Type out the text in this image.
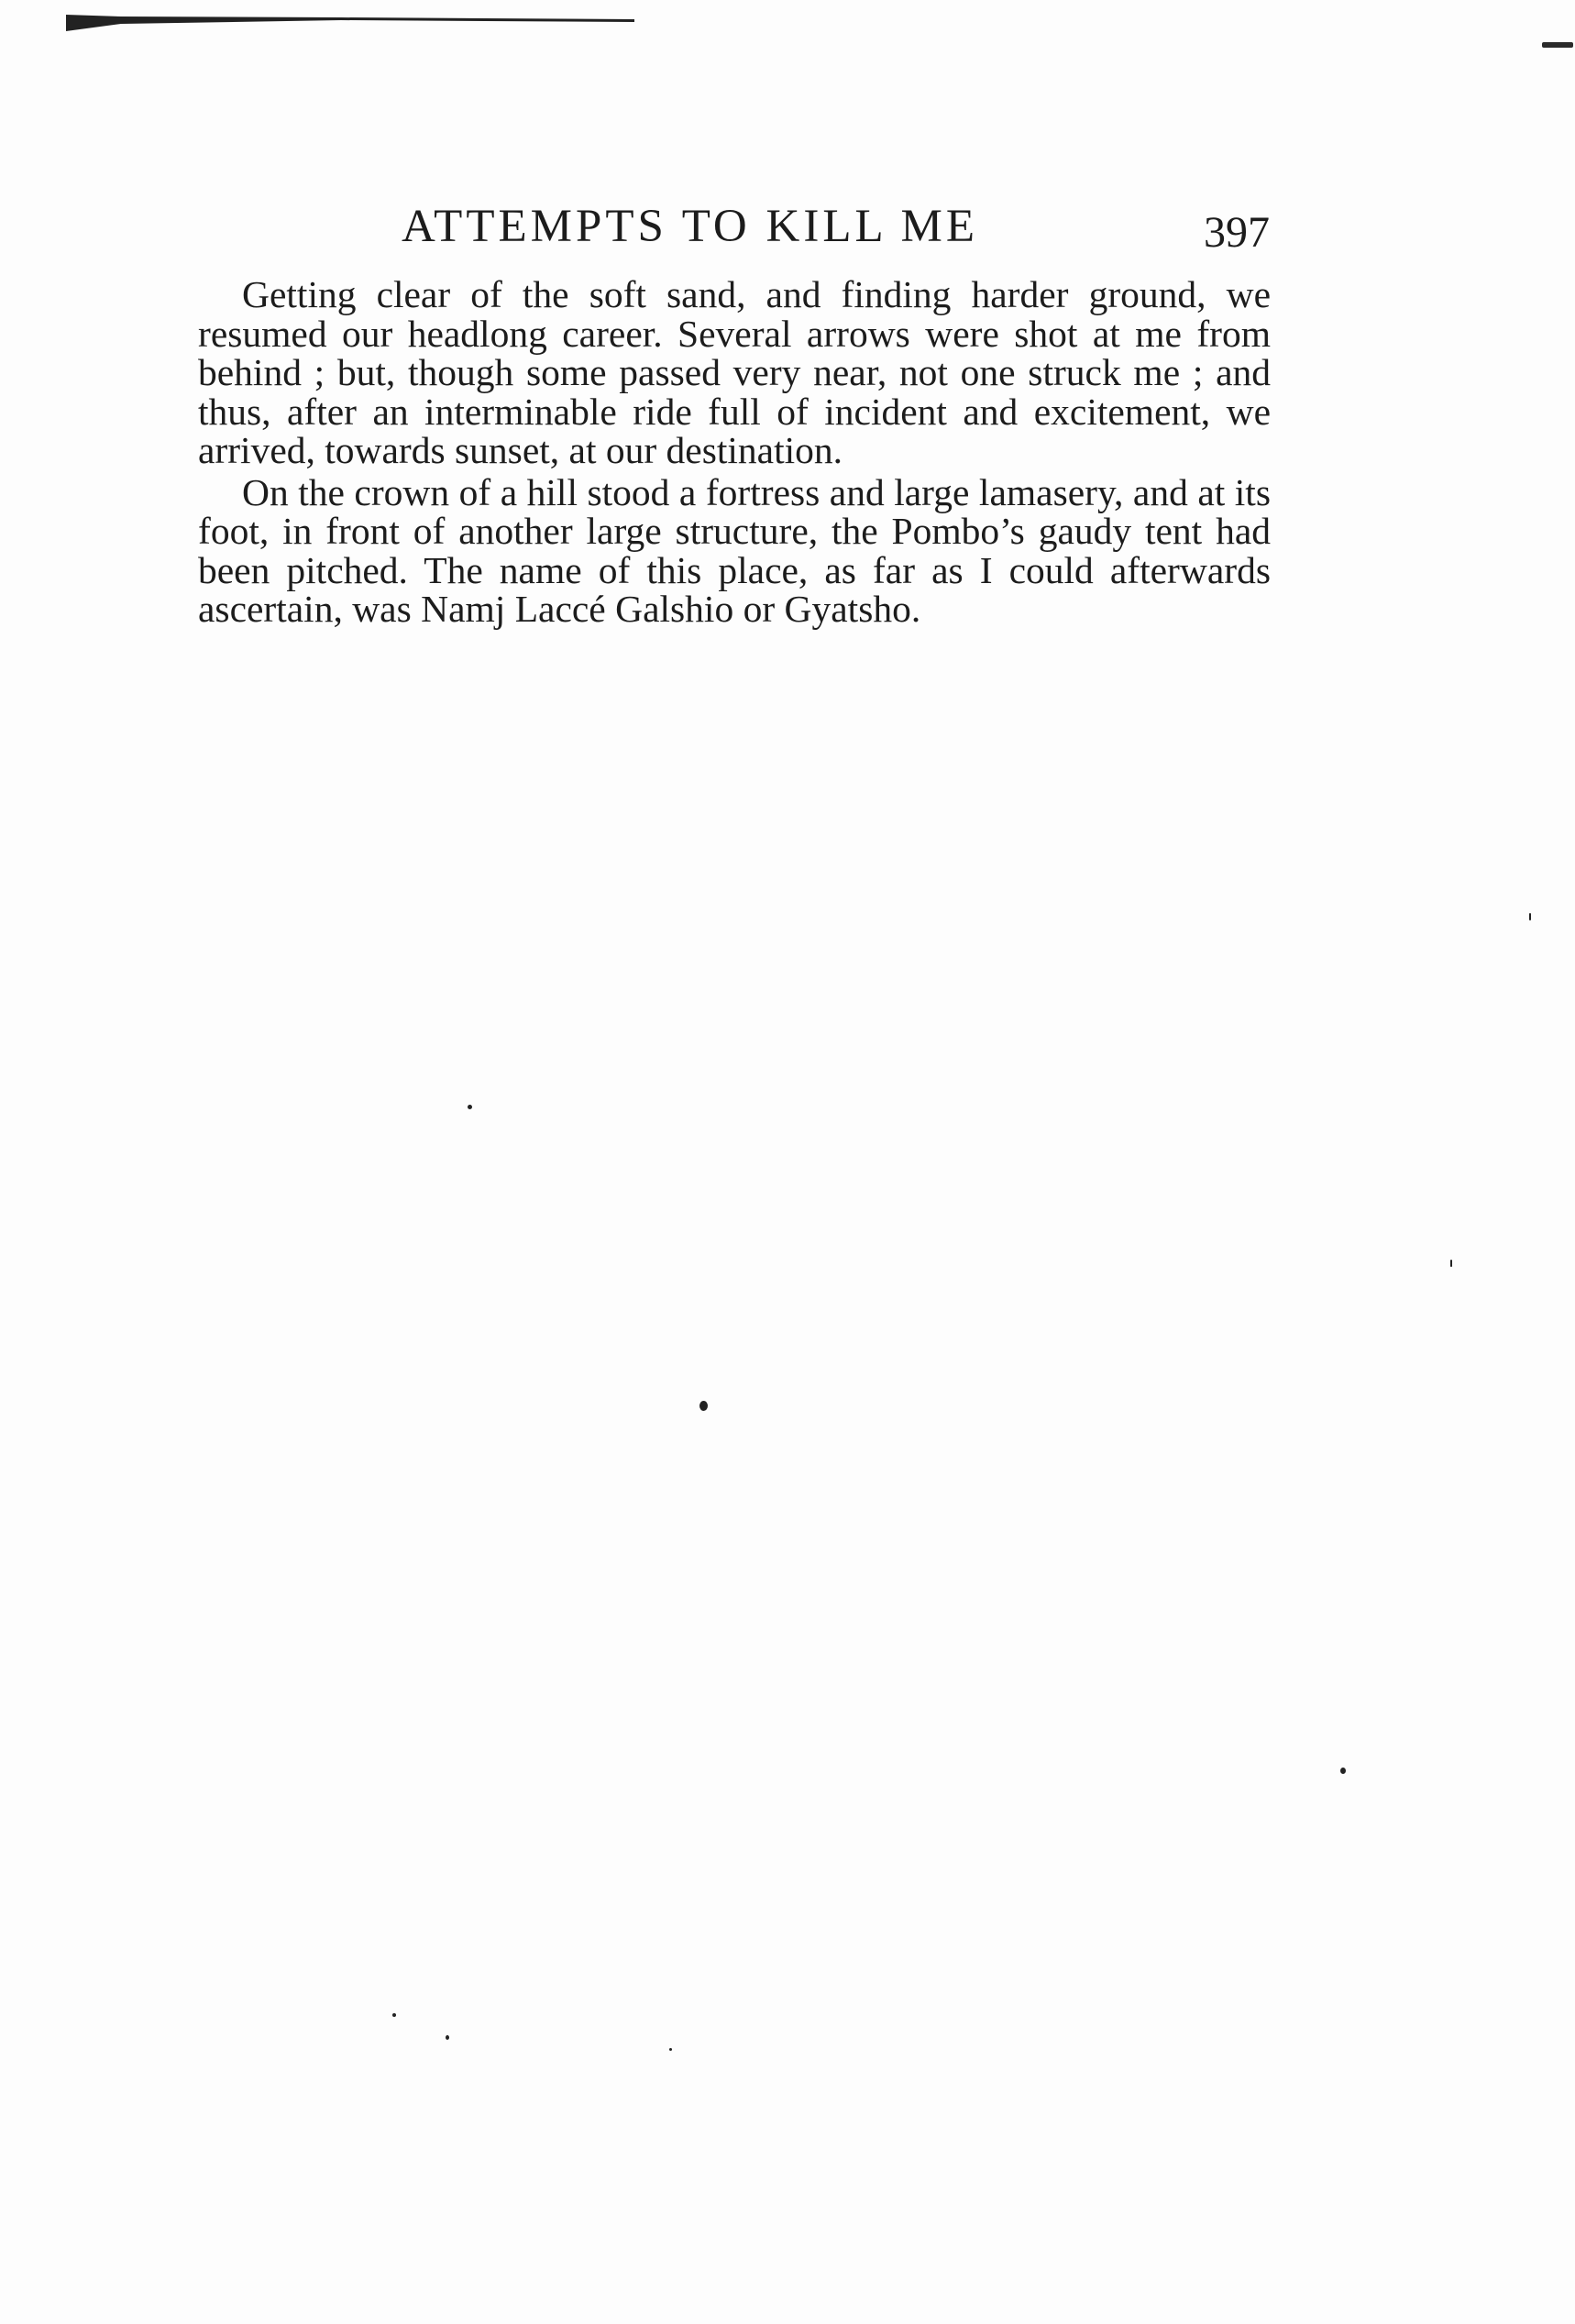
ATTEMPTS TO KILL ME	397

Getting clear of the soft sand, and finding harder ground, we resumed our headlong career. Several arrows were shot at me from behind ; but, though some passed very near, not one struck me ; and thus, after an interminable ride full of incident and excitement, we arrived, towards sunset, at our destination.

On the crown of a hill stood a fortress and large lamasery, and at its foot, in front of another large structure, the Pombo’s gaudy tent had been pitched. The name of this place, as far as I could afterwards ascertain, was Namj Laccé Galshio or Gyatsho.
